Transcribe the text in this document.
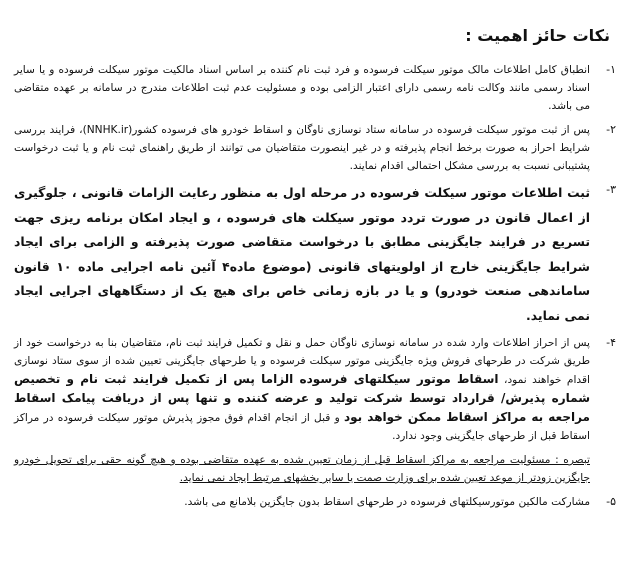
نکات حائز اهمیت :
۱-
انطباق کامل اطلاعات مالک موتور سیکلت فرسوده و فرد ثبت نام کننده بر اساس اسناد مالکیت موتور سیکلت فرسوده و یا سایر اسناد رسمی مانند وکالت نامه رسمی دارای اعتبار الزامی بوده و مسئولیت عدم ثبت اطلاعات مندرج در سامانه بر عهده متقاضی می باشد.
۲-
پس از ثبت موتور سیکلت فرسوده در سامانه ستاد نوسازی ناوگان و اسقاط خودرو های فرسوده کشور(NNHK.ir)، فرایند بررسی شرایط احراز به صورت برخط انجام پذیرفته و در غیر اینصورت متقاضیان می توانند از طریق راهنمای ثبت نام و یا ثبت درخواست پشتیبانی نسبت به بررسی مشکل احتمالی اقدام نمایند.
۳-
ثبت اطلاعات موتور سیکلت فرسوده در مرحله اول به منظور رعایت الزامات قانونی ، جلوگیری از اعمال قانون در صورت تردد موتور سیکلت های فرسوده ، و ایجاد امکان برنامه ریزی جهت تسریع در فرایند جایگزینی مطابق با درخواست متقاضی صورت پذیرفته و الزامی برای ایجاد شرایط جایگزینی خارج از اولویتهای قانونی (موضوع ماده۴ آئین نامه اجرایی ماده ۱۰ قانون ساماندهی صنعت خودرو) و یا در بازه زمانی خاص برای هیچ یک از دستگاههای اجرایی ایجاد نمی نماید.
۴-
پس از احراز اطلاعات وارد شده در سامانه نوسازی ناوگان حمل و نقل و تکمیل فرایند ثبت نام، متقاضیان بنا به درخواست خود از طریق شرکت در طرحهای فروش ویژه جایگزینی موتور سیکلت فرسوده و یا طرحهای جایگزینی تعیین شده از سوی ستاد نوسازی اقدام خواهند نمود، اسقاط موتور سیکلتهای فرسوده الزاما پس از تکمیل فرایند ثبت نام و تخصیص شماره پذیرش/ قرارداد توسط شرکت تولید و عرضه کننده و تنها پس از دریافت پیامک اسقاط مراجعه به مراکز اسقاط ممکن خواهد بود و قبل از انجام اقدام فوق مجوز پذیرش موتور سیکلت فرسوده در مراکز اسقاط قبل از طرحهای جایگزینی وجود ندارد.
تبصره : مسئولیت مراجعه به مراکز اسقاط قبل از زمان تعیین شده به عهده متقاضی بوده و هیچ گونه حقی برای تحویل خودرو جایگزین زودتر از موعد تعیین شده برای وزارت صمت یا سایر بخشهای مرتبط ایجاد نمی نماید.
۵-
مشارکت مالکین موتورسیکلتهای فرسوده در طرحهای اسقاط بدون جایگزین بلامانع می باشد.
